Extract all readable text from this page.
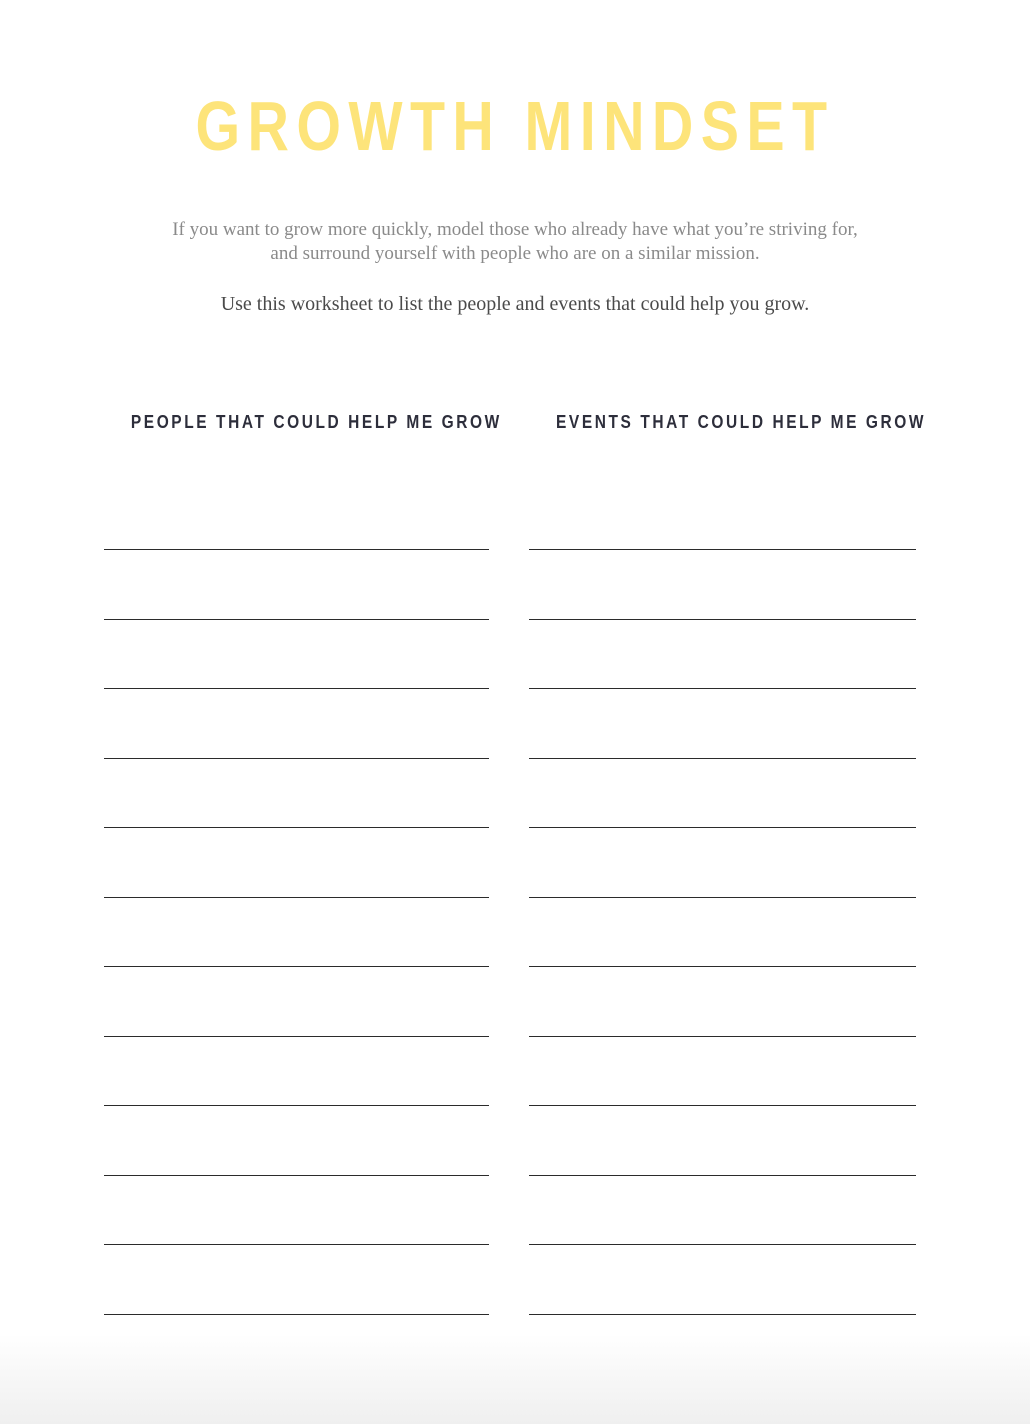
GROWTH MINDSET
If you want to grow more quickly, model those who already have what you’re striving for,
and surround yourself with people who are on a similar mission.
Use this worksheet to list the people and events that could help you grow.
PEOPLE THAT COULD HELP ME GROW	EVENTS THAT COULD HELP ME GROW
